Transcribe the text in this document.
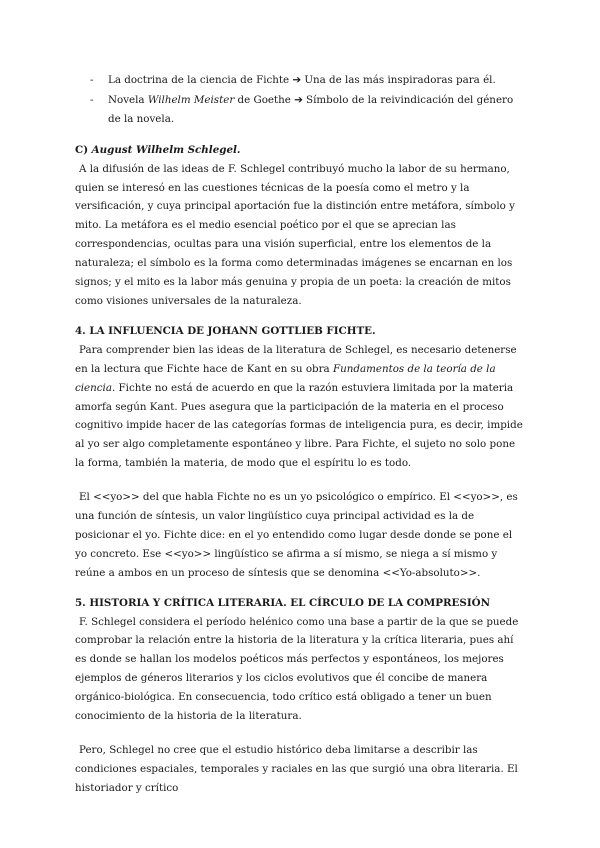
- La doctrina de la ciencia de Fichte ➔ Una de las más inspiradoras para él.
- Novela Wilhelm Meister de Goethe ➔ Símbolo de la reivindicación del género de la novela.
C) August Wilhelm Schlegel.

A la difusión de las ideas de F. Schlegel contribuyó mucho la labor de su hermano, quien se interesó en las cuestiones técnicas de la poesía como el metro y la versificación, y cuya principal aportación fue la distinción entre metáfora, símbolo y mito. La metáfora es el medio esencial poético por el que se aprecian las correspondencias, ocultas para una visión superficial, entre los elementos de la naturaleza; el símbolo es la forma como determinadas imágenes se encarnan en los signos; y el mito es la labor más genuina y propia de un poeta: la creación de mitos como visiones universales de la naturaleza.

4. LA INFLUENCIA DE JOHANN GOTTLIEB FICHTE.

Para comprender bien las ideas de la literatura de Schlegel, es necesario detenerse en la lectura que Fichte hace de Kant en su obra Fundamentos de la teoría de la ciencia. Fichte no está de acuerdo en que la razón estuviera limitada por la materia amorfa según Kant. Pues asegura que la participación de la materia en el proceso cognitivo impide hacer de las categorías formas de inteligencia pura, es decir, impide al yo ser algo completamente espontáneo y libre. Para Fichte, el sujeto no solo pone la forma, también la materia, de modo que el espíritu lo es todo.

El <<yo>> del que habla Fichte no es un yo psicológico o empírico. El <<yo>>, es una función de síntesis, un valor lingüístico cuya principal actividad es la de posicionar el yo. Fichte dice: en el yo entendido como lugar desde donde se pone el yo concreto. Ese <<yo>> lingüístico se afirma a sí mismo, se niega a sí mismo y reúne a ambos en un proceso de síntesis que se denomina <<Yo-absoluto>>.

5. HISTORIA Y CRÍTICA LITERARIA. EL CÍRCULO DE LA COMPRESIÓN

F. Schlegel considera el período helénico como una base a partir de la que se puede comprobar la relación entre la historia de la literatura y la crítica literaria, pues ahí es donde se hallan los modelos poéticos más perfectos y espontáneos, los mejores ejemplos de géneros literarios y los ciclos evolutivos que él concibe de manera orgánico-biológica. En consecuencia, todo crítico está obligado a tener un buen conocimiento de la historia de la literatura.

Pero, Schlegel no cree que el estudio histórico deba limitarse a describir las condiciones espaciales, temporales y raciales en las que surgió una obra literaria. El historiador y crítico
